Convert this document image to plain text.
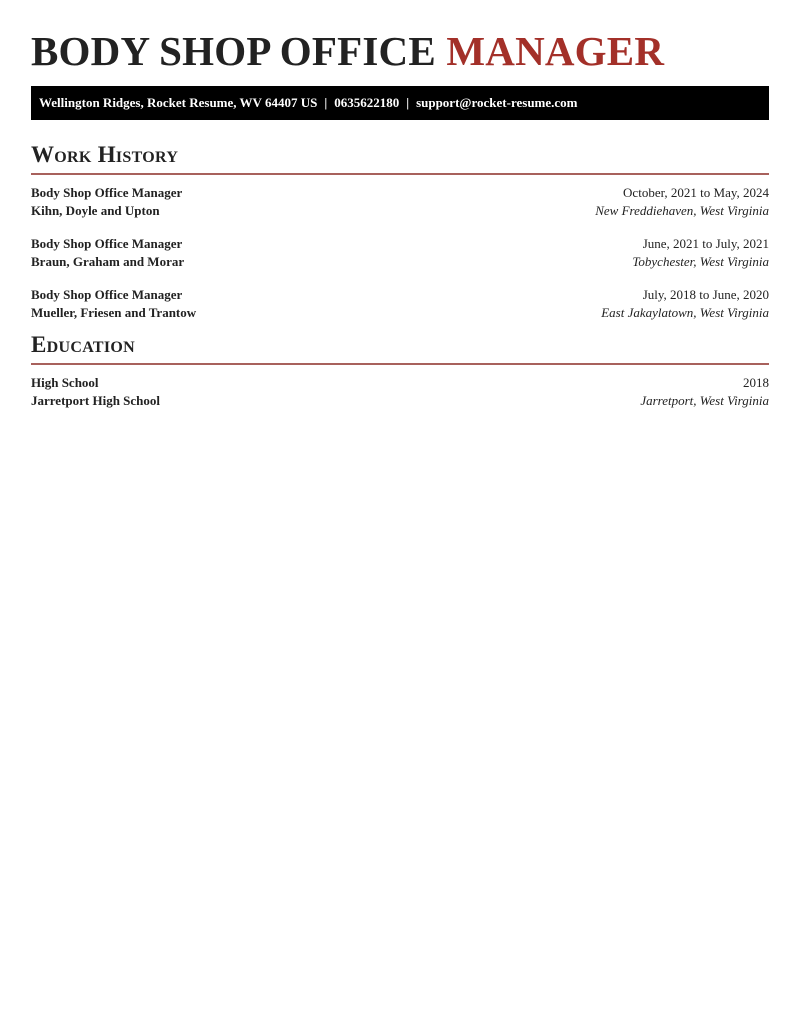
BODY SHOP OFFICE MANAGER
Wellington Ridges, Rocket Resume, WV 64407 US | 0635622180 | support@rocket-resume.com
Work History
Body Shop Office Manager	October, 2021 to May, 2024
Kihn, Doyle and Upton	New Freddiehaven, West Virginia
Body Shop Office Manager	June, 2021 to July, 2021
Braun, Graham and Morar	Tobychester, West Virginia
Body Shop Office Manager	July, 2018 to June, 2020
Mueller, Friesen and Trantow	East Jakaylatown, West Virginia
Education
High School	2018
Jarretport High School	Jarretport, West Virginia
